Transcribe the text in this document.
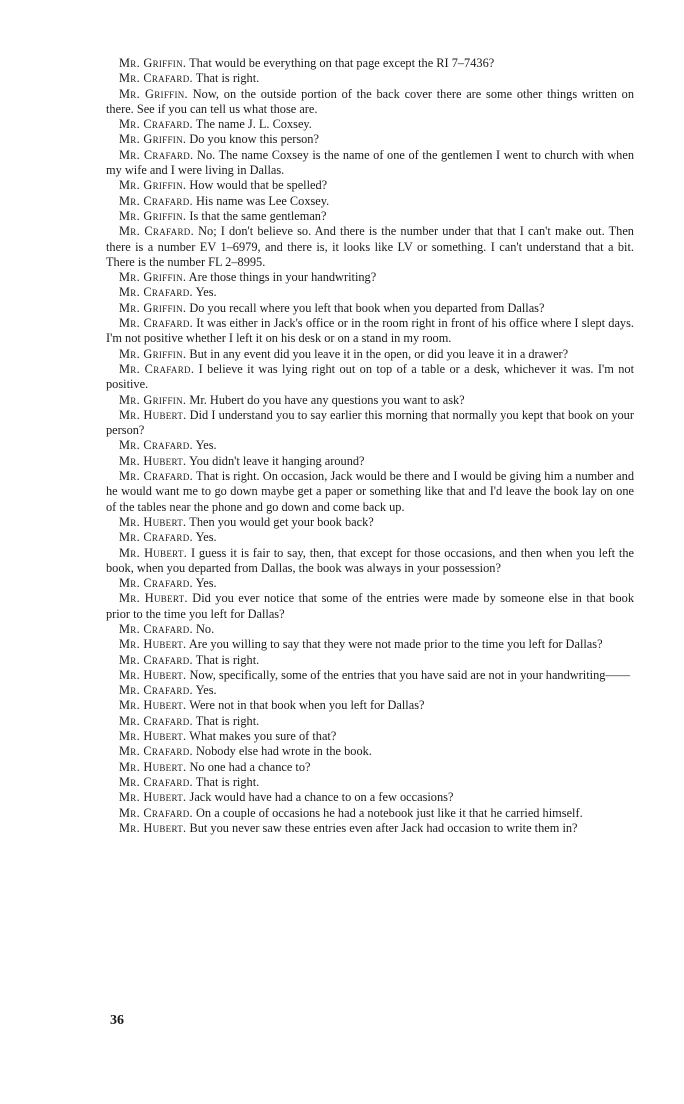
Mr. Griffin. That would be everything on that page except the RI 7–7436?

Mr. Crafard. That is right.

Mr. Griffin. Now, on the outside portion of the back cover there are some other things written on there. See if you can tell us what those are.

Mr. Crafard. The name J. L. Coxsey.

Mr. Griffin. Do you know this person?

Mr. Crafard. No. The name Coxsey is the name of one of the gentlemen I went to church with when my wife and I were living in Dallas.

Mr. Griffin. How would that be spelled?

Mr. Crafard. His name was Lee Coxsey.

Mr. Griffin. Is that the same gentleman?

Mr. Crafard. No; I don't believe so. And there is the number under that that I can't make out. Then there is a number EV 1–6979, and there is, it looks like LV or something. I can't understand that a bit. There is the number FL 2–8995.

Mr. Griffin. Are those things in your handwriting?

Mr. Crafard. Yes.

Mr. Griffin. Do you recall where you left that book when you departed from Dallas?

Mr. Crafard. It was either in Jack's office or in the room right in front of his office where I slept days. I'm not positive whether I left it on his desk or on a stand in my room.

Mr. Griffin. But in any event did you leave it in the open, or did you leave it in a drawer?

Mr. Crafard. I believe it was lying right out on top of a table or a desk, whichever it was. I'm not positive.

Mr. Griffin. Mr. Hubert do you have any questions you want to ask?

Mr. Hubert. Did I understand you to say earlier this morning that normally you kept that book on your person?

Mr. Crafard. Yes.

Mr. Hubert. You didn't leave it hanging around?

Mr. Crafard. That is right. On occasion, Jack would be there and I would be giving him a number and he would want me to go down maybe get a paper or something like that and I'd leave the book lay on one of the tables near the phone and go down and come back up.

Mr. Hubert. Then you would get your book back?

Mr. Crafard. Yes.

Mr. Hubert. I guess it is fair to say, then, that except for those occasions, and then when you left the book, when you departed from Dallas, the book was always in your possession?

Mr. Crafard. Yes.

Mr. Hubert. Did you ever notice that some of the entries were made by someone else in that book prior to the time you left for Dallas?

Mr. Crafard. No.

Mr. Hubert. Are you willing to say that they were not made prior to the time you left for Dallas?

Mr. Crafard. That is right.

Mr. Hubert. Now, specifically, some of the entries that you have said are not in your handwriting——

Mr. Crafard. Yes.

Mr. Hubert. Were not in that book when you left for Dallas?

Mr. Crafard. That is right.

Mr. Hubert. What makes you sure of that?

Mr. Crafard. Nobody else had wrote in the book.

Mr. Hubert. No one had a chance to?

Mr. Crafard. That is right.

Mr. Hubert. Jack would have had a chance to on a few occasions?

Mr. Crafard. On a couple of occasions he had a notebook just like it that he carried himself.

Mr. Hubert. But you never saw these entries even after Jack had occasion to write them in?

36
